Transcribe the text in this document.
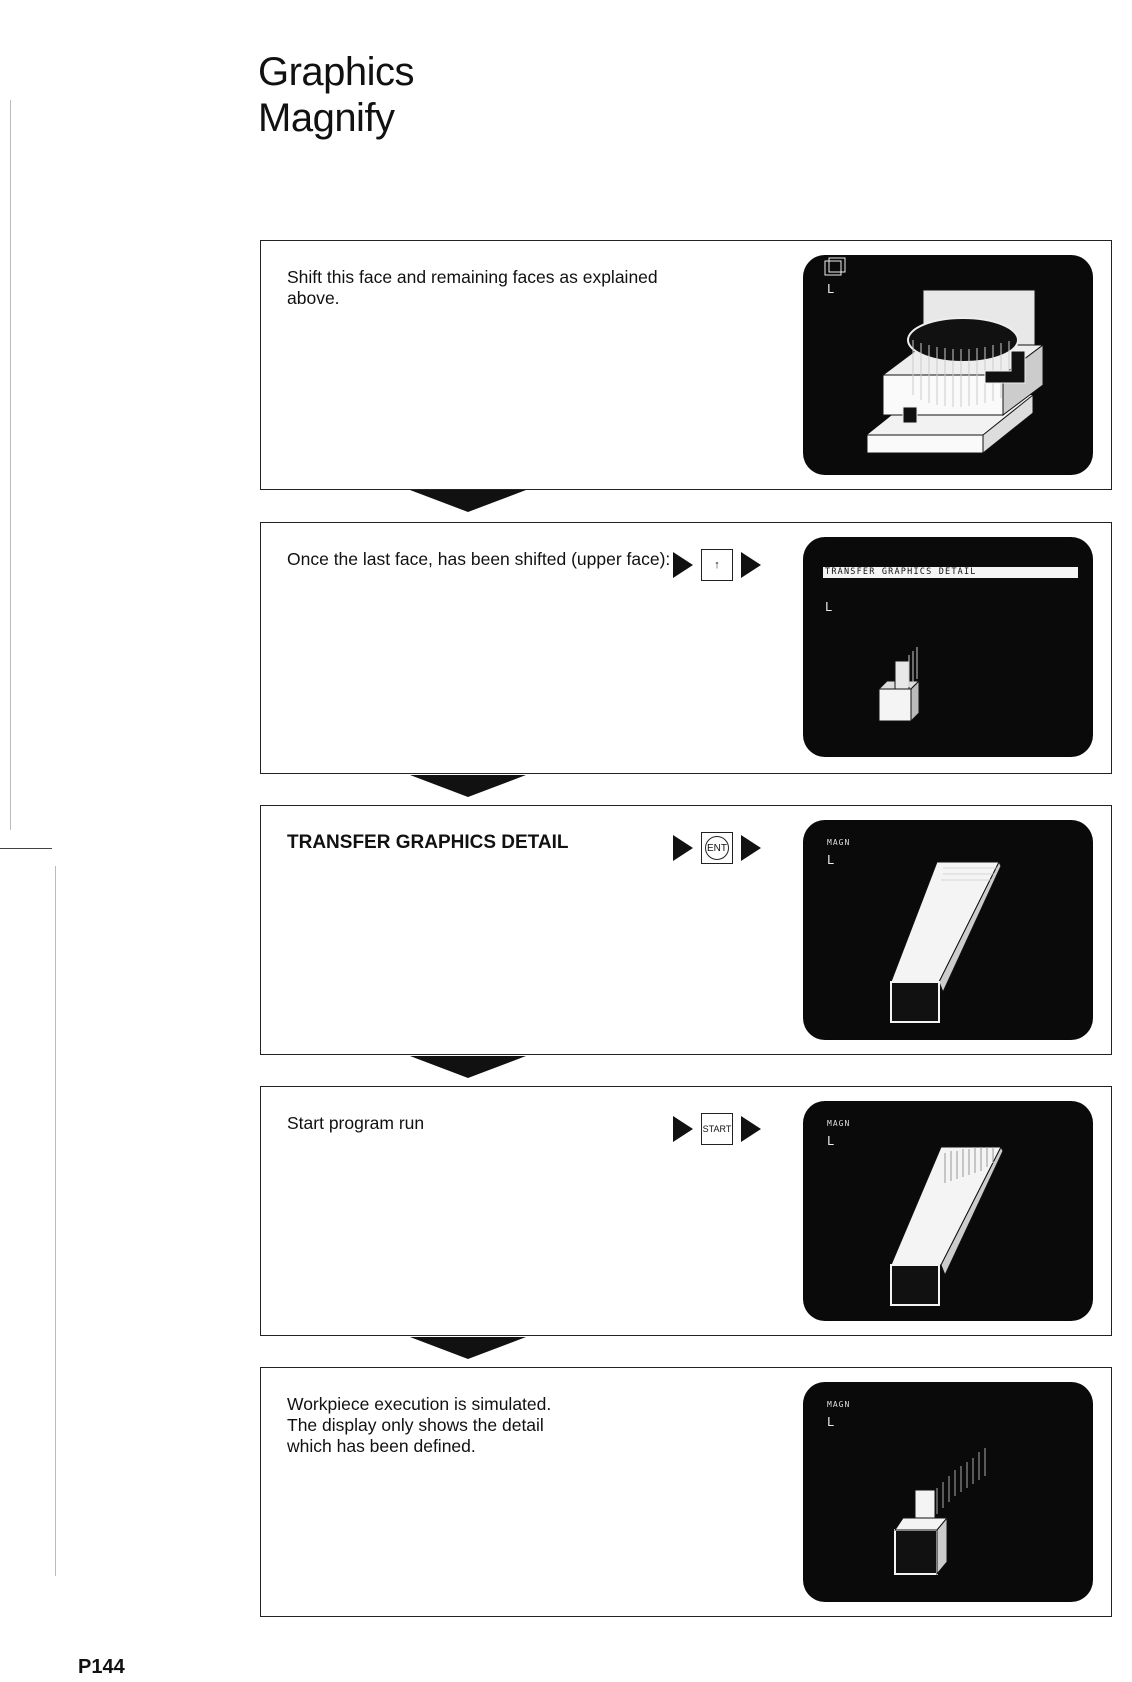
Graphics
Magnify
Shift this face and remaining faces as explained above.	L
Once the last face, has been shifted (upper face):	↑
TRANSFER GRAPHICS DETAIL
L
TRANSFER GRAPHICS DETAIL	ENT	MAGN
L
Start program run	START
MAGN
L
Workpiece execution is simulated.
The display only shows the detail
which has been defined.
MAGN
L
P144
